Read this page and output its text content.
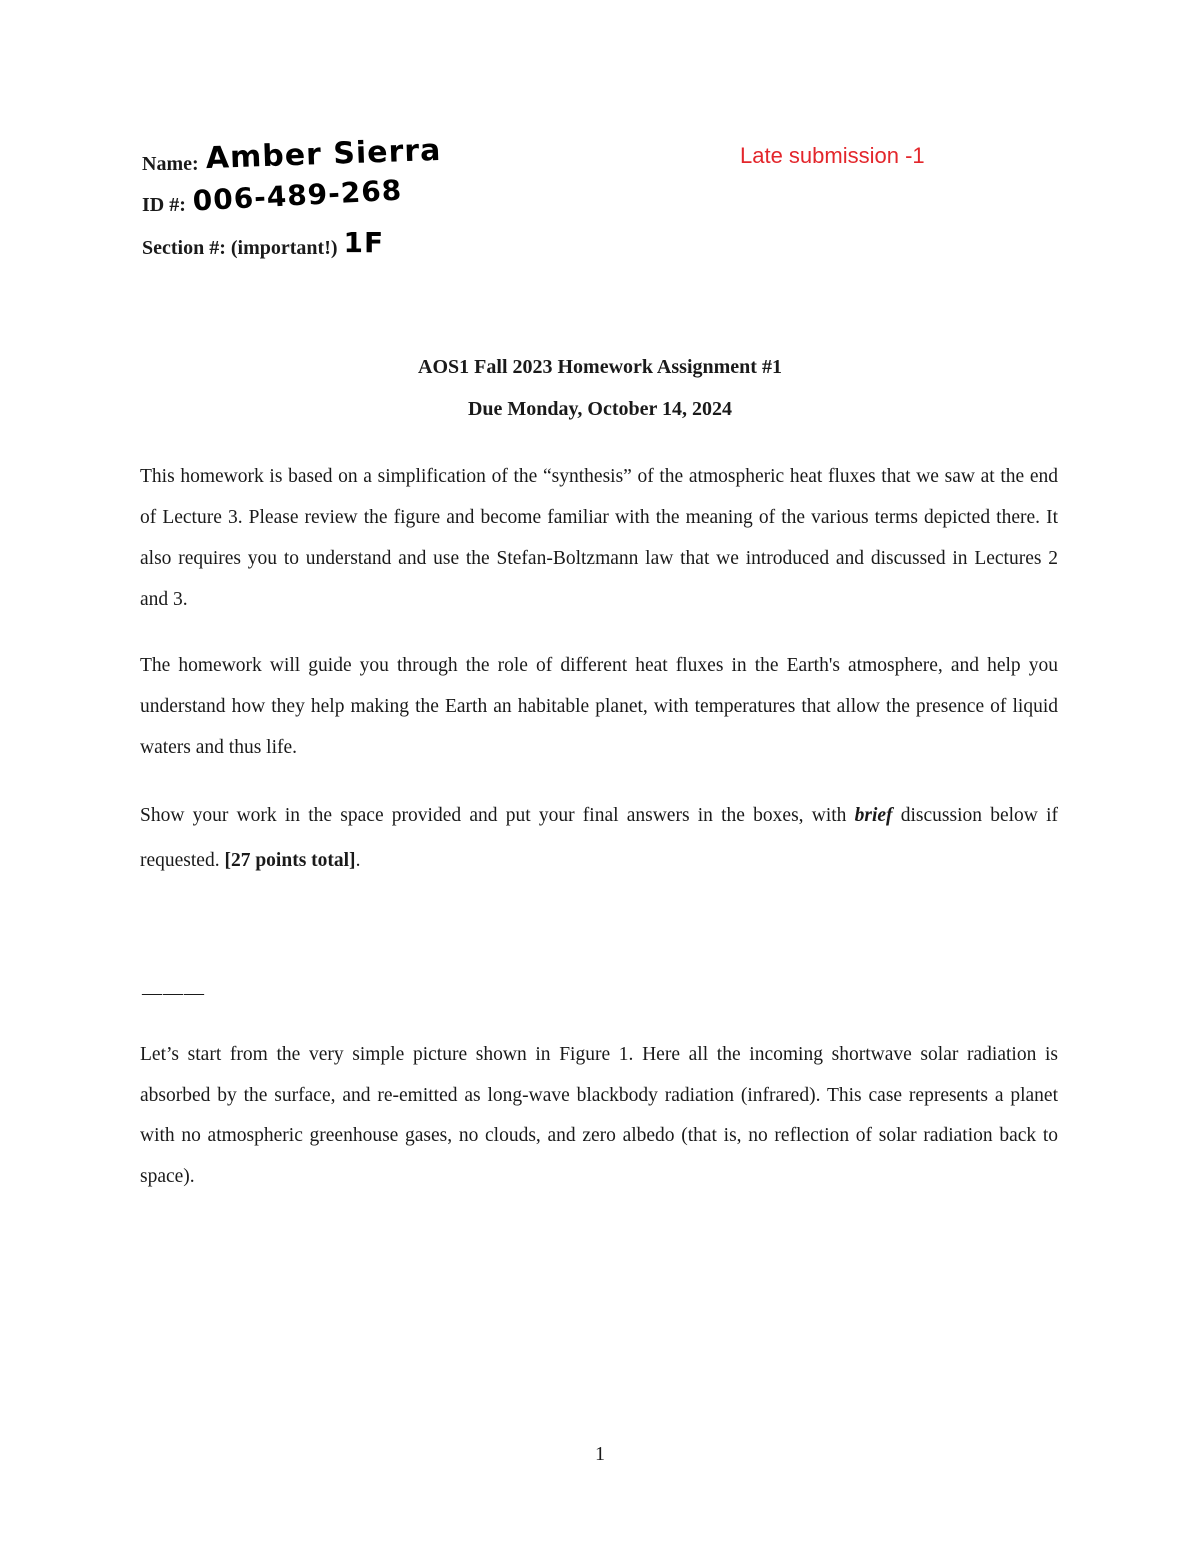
Name: Amber Sierra
ID #: 006-489-268
Section #: (important!) 1F
Late submission -1
AOS1 Fall 2023 Homework Assignment #1
Due Monday, October 14, 2024

This homework is based on a simplification of the “synthesis” of the atmospheric heat fluxes that we saw at the end of Lecture 3. Please review the figure and become familiar with the meaning of the various terms depicted there. It also requires you to understand and use the Stefan-Boltzmann law that we introduced and discussed in Lectures 2 and 3.

The homework will guide you through the role of different heat fluxes in the Earth's atmosphere, and help you understand how they help making the Earth an habitable planet, with temperatures that allow the presence of liquid waters and thus life.

Show your work in the space provided and put your final answers in the boxes, with brief discussion below if requested. [27 points total].

———

Let’s start from the very simple picture shown in Figure 1. Here all the incoming shortwave solar radiation is absorbed by the surface, and re-emitted as long-wave blackbody radiation (infrared). This case represents a planet with no atmospheric greenhouse gases, no clouds, and zero albedo (that is, no reflection of solar radiation back to space).

1
